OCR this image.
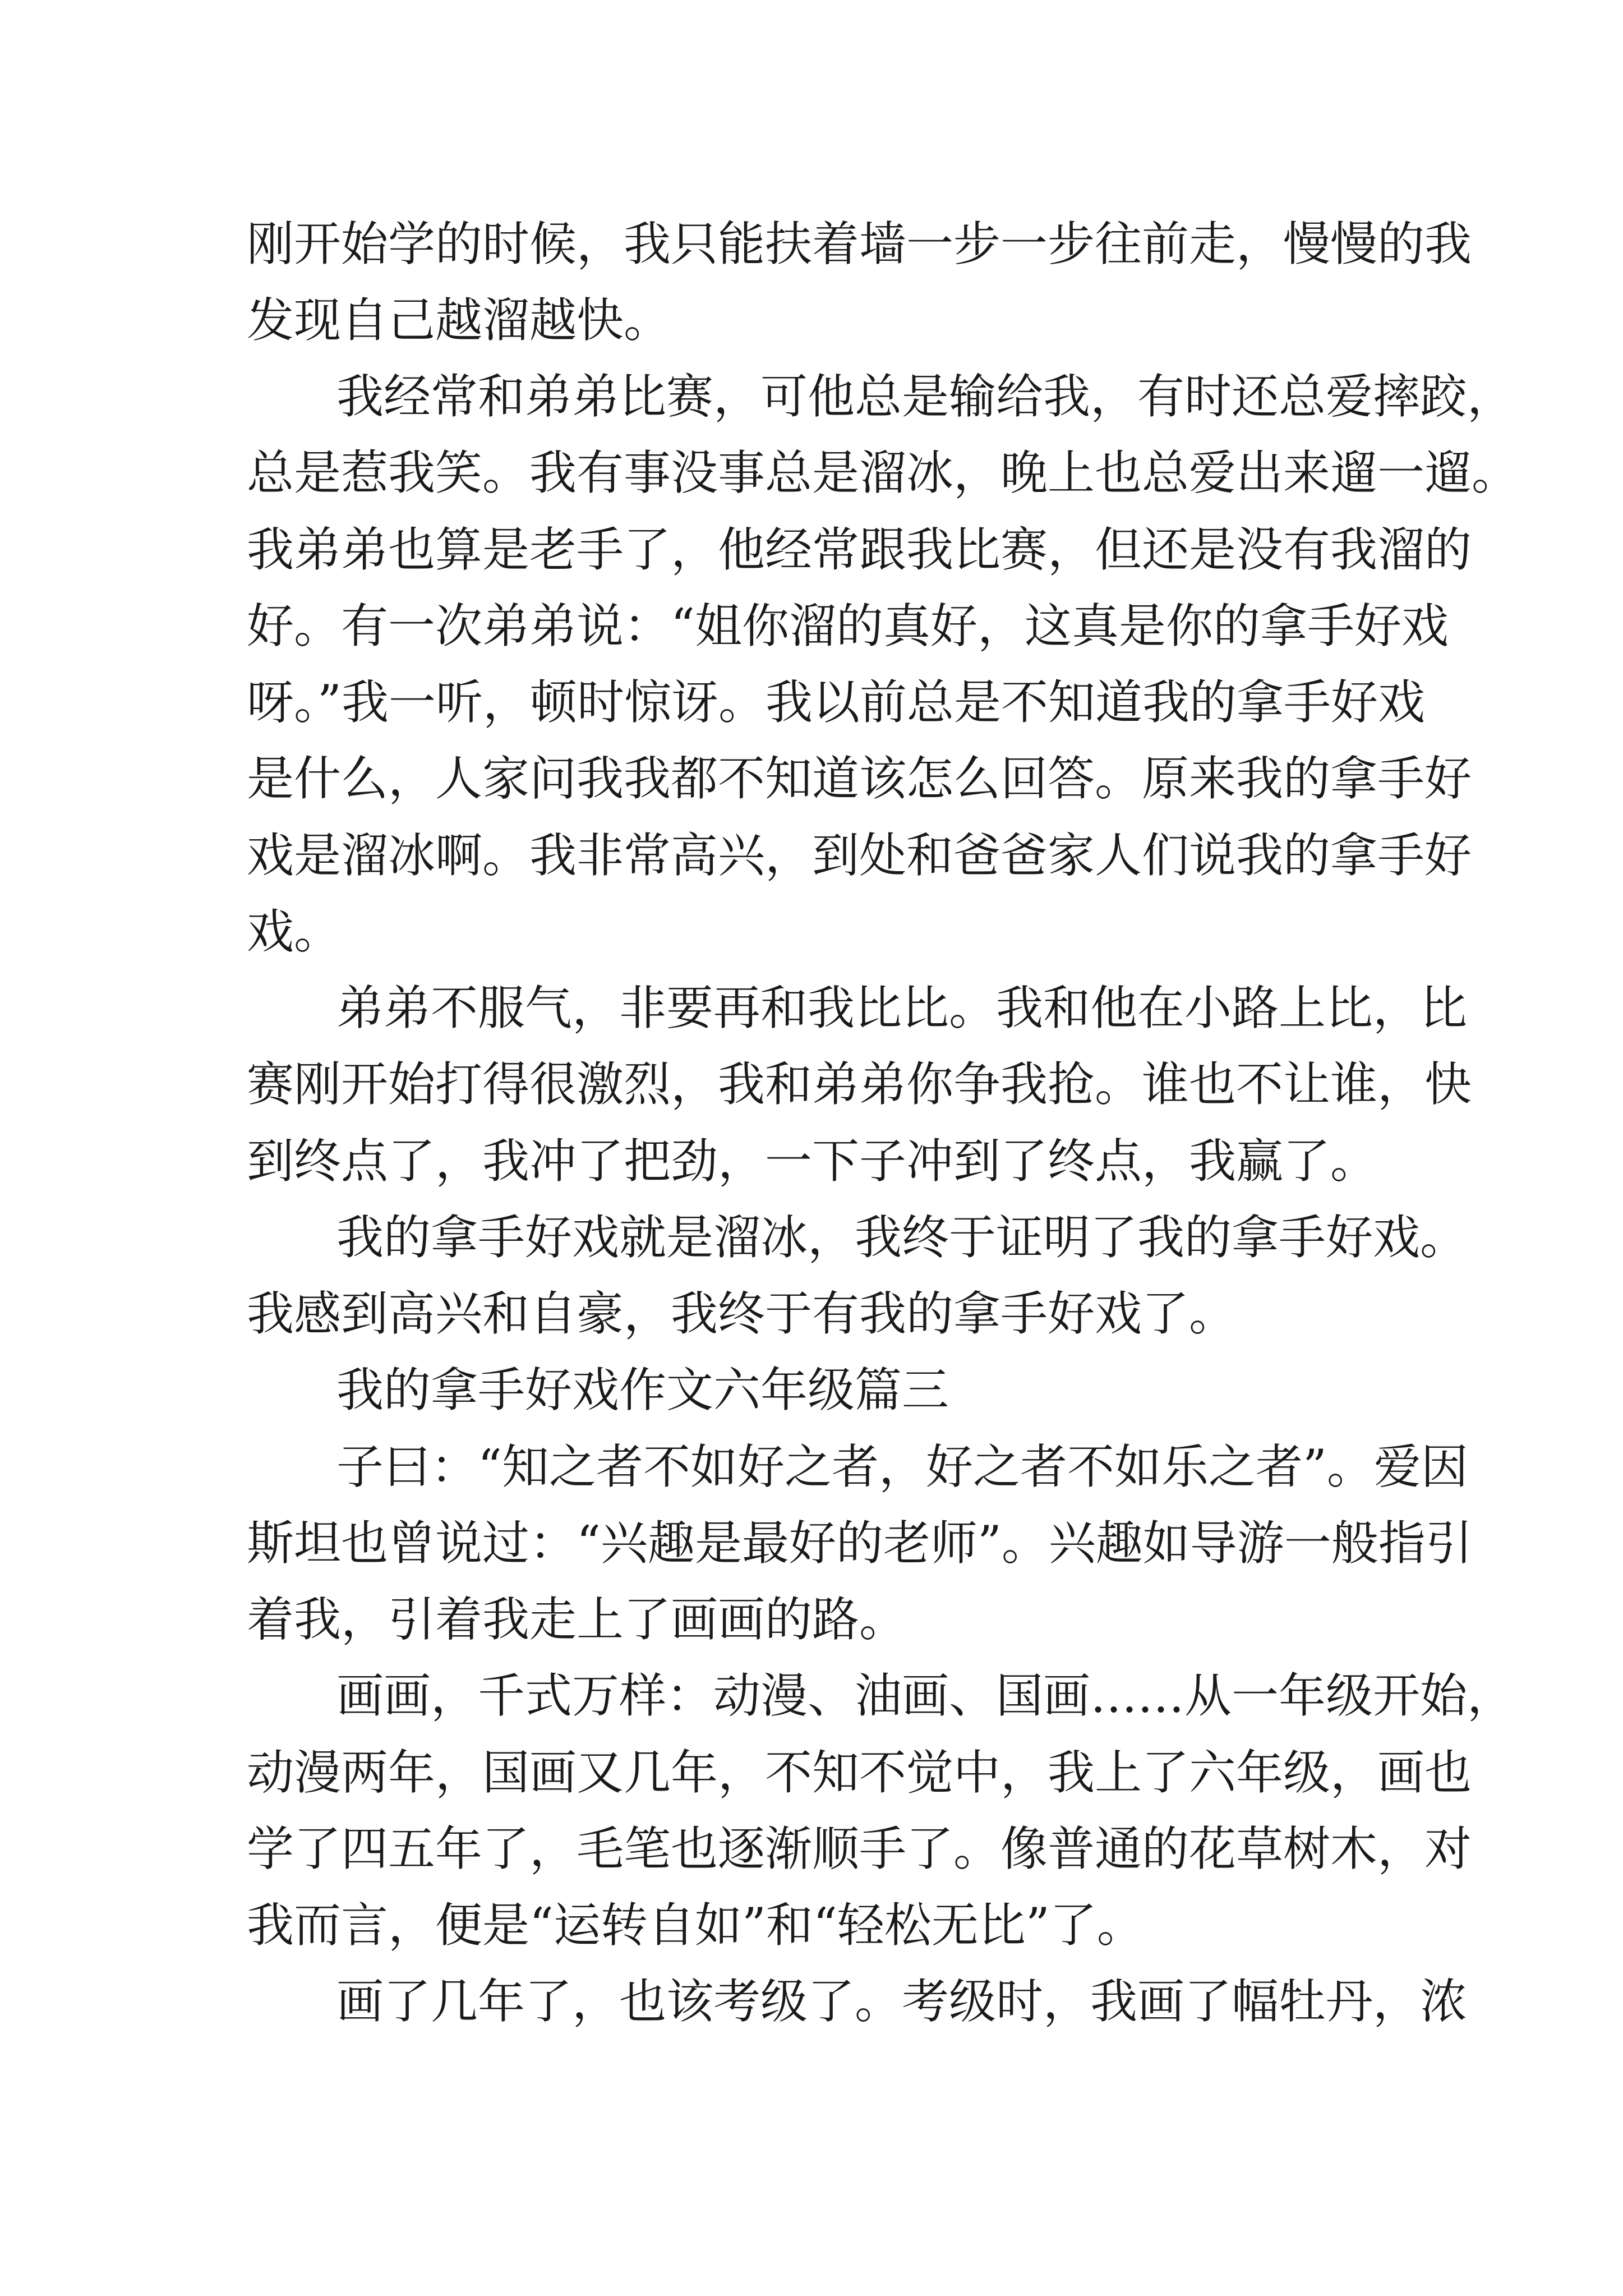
刚开始学的时候，我只能扶着墙一步一步往前走，慢慢的我
发现自己越溜越快。
我经常和弟弟比赛，可他总是输给我，有时还总爱摔跤，
总是惹我笑。我有事没事总是溜冰，晚上也总爱出来遛一遛。
我弟弟也算是老手了，他经常跟我比赛，但还是没有我溜的
好。有一次弟弟说：“姐你溜的真好，这真是你的拿手好戏
呀。”我一听，顿时惊讶。我以前总是不知道我的拿手好戏
是什么，人家问我我都不知道该怎么回答。原来我的拿手好
戏是溜冰啊。我非常高兴，到处和爸爸家人们说我的拿手好
戏。
弟弟不服气，非要再和我比比。我和他在小路上比，比
赛刚开始打得很激烈，我和弟弟你争我抢。谁也不让谁，快
到终点了，我冲了把劲，一下子冲到了终点，我赢了。
我的拿手好戏就是溜冰，我终于证明了我的拿手好戏。
我感到高兴和自豪，我终于有我的拿手好戏了。
我的拿手好戏作文六年级篇三
子曰：“知之者不如好之者，好之者不如乐之者”。爱因
斯坦也曾说过：“兴趣是最好的老师”。兴趣如导游一般指引
着我，引着我走上了画画的路。
画画，千式万样：动漫、油画、国画……从一年级开始，
动漫两年，国画又几年，不知不觉中，我上了六年级，画也
学了四五年了，毛笔也逐渐顺手了。像普通的花草树木，对
我而言，便是“运转自如”和“轻松无比”了。
画了几年了，也该考级了。考级时，我画了幅牡丹，浓
